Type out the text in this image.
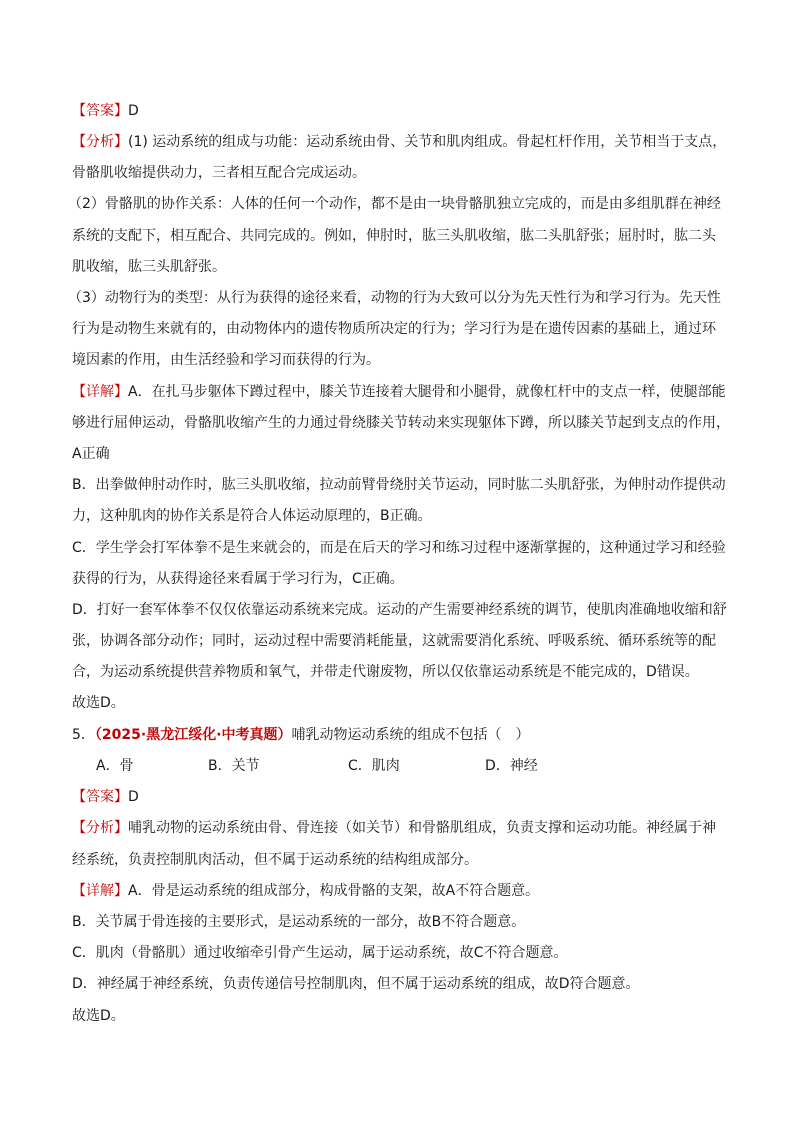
【答案】D
【分析】(1) 运动系统的组成与功能：运动系统由骨、关节和肌肉组成。骨起杠杆作用，关节相当于支点，
骨骼肌收缩提供动力，三者相互配合完成运动。
（2）骨骼肌的协作关系：人体的任何一个动作，都不是由一块骨骼肌独立完成的，而是由多组肌群在神经
系统的支配下，相互配合、共同完成的。例如，伸肘时，肱三头肌收缩，肱二头肌舒张；屈肘时，肱二头
肌收缩，肱三头肌舒张。
（3）动物行为的类型：从行为获得的途径来看，动物的行为大致可以分为先天性行为和学习行为。先天性
行为是动物生来就有的，由动物体内的遗传物质所决定的行为；学习行为是在遗传因素的基础上，通过环
境因素的作用，由生活经验和学习而获得的行为。
【详解】A．在扎马步躯体下蹲过程中，膝关节连接着大腿骨和小腿骨，就像杠杆中的支点一样，使腿部能
够进行屈伸运动，骨骼肌收缩产生的力通过骨绕膝关节转动来实现躯体下蹲，所以膝关节起到支点的作用，
A正确
B．出拳做伸肘动作时，肱三头肌收缩，拉动前臂骨绕肘关节运动，同时肱二头肌舒张，为伸肘动作提供动
力，这种肌肉的协作关系是符合人体运动原理的，B正确。
C．学生学会打军体拳不是生来就会的，而是在后天的学习和练习过程中逐渐掌握的，这种通过学习和经验
获得的行为，从获得途径来看属于学习行为，C正确。
D．打好一套军体拳不仅仅依靠运动系统来完成。运动的产生需要神经系统的调节，使肌肉准确地收缩和舒
张，协调各部分动作；同时，运动过程中需要消耗能量，这就需要消化系统、呼吸系统、循环系统等的配
合，为运动系统提供营养物质和氧气，并带走代谢废物，所以仅依靠运动系统是不能完成的，D错误。
故选D。
5．（2025·黑龙江绥化·中考真题）哺乳动物运动系统的组成不包括（　）
A．骨	B．关节	C．肌肉	D．神经
【答案】D
【分析】哺乳动物的运动系统由骨、骨连接（如关节）和骨骼肌组成，负责支撑和运动功能。神经属于神
经系统，负责控制肌肉活动，但不属于运动系统的结构组成部分。
【详解】A．骨是运动系统的组成部分，构成骨骼的支架，故A不符合题意。
B．关节属于骨连接的主要形式，是运动系统的一部分，故B不符合题意。
C．肌肉（骨骼肌）通过收缩牵引骨产生运动，属于运动系统，故C不符合题意。
D．神经属于神经系统，负责传递信号控制肌肉，但不属于运动系统的组成，故D符合题意。
故选D。
